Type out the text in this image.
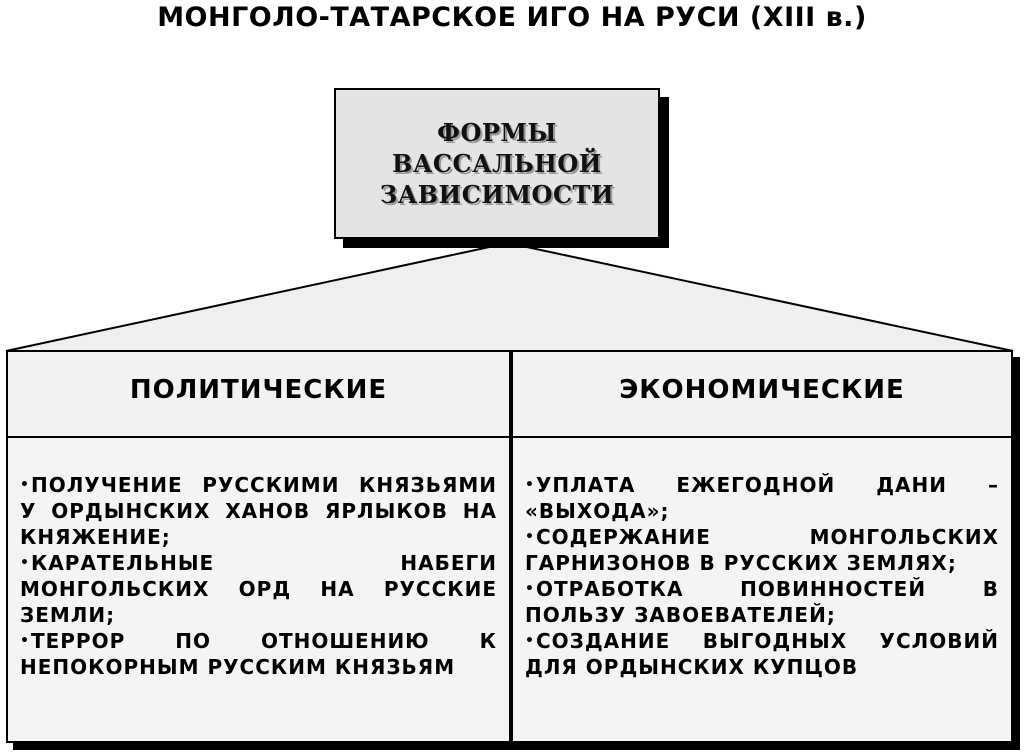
МОНГОЛО-ТАТАРСКОЕ ИГО НА РУСИ (XIII в.)
ФОРМЫ
ВАССАЛЬНОЙ
ЗАВИСИМОСТИ
ПОЛИТИЧЕСКИЕ
•ПОЛУЧЕНИЕ РУССКИМИ КНЯЗЬЯМИ У ОРДЫНСКИХ ХАНОВ ЯРЛЫКОВ НА КНЯЖЕНИЕ;
•КАРАТЕЛЬНЫЕ НАБЕГИ МОНГОЛЬСКИХ ОРД НА РУССКИЕ ЗЕМЛИ;
•ТЕРРОР ПО ОТНОШЕНИЮ К НЕПОКОРНЫМ РУССКИМ КНЯЗЬЯМ
ЭКОНОМИЧЕСКИЕ
•УПЛАТА ЕЖЕГОДНОЙ ДАНИ – «ВЫХОДА»;
•СОДЕРЖАНИЕ МОНГОЛЬСКИХ ГАРНИЗОНОВ В РУССКИХ ЗЕМЛЯХ;
•ОТРАБОТКА ПОВИННОСТЕЙ В ПОЛЬЗУ ЗАВОЕВАТЕЛЕЙ;
•СОЗДАНИЕ ВЫГОДНЫХ УСЛОВИЙ ДЛЯ ОРДЫНСКИХ КУПЦОВ
